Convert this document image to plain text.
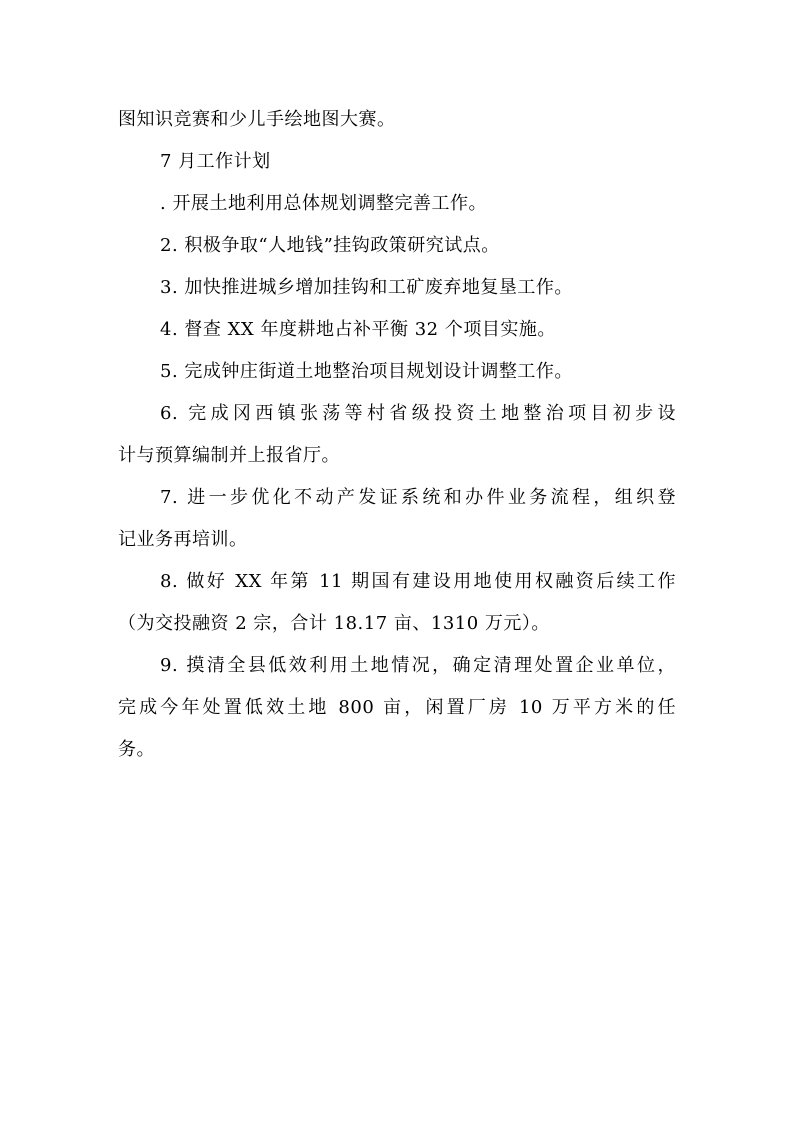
图知识竞赛和少儿手绘地图大赛。
7 月工作计划
. 开展土地利用总体规划调整完善工作。
2. 积极争取“人地钱”挂钩政策研究试点。
3. 加快推进城乡增加挂钩和工矿废弃地复垦工作。
4. 督查 XX 年度耕地占补平衡 32 个项目实施。
5. 完成钟庄街道土地整治项目规划设计调整工作。
6. 完成冈西镇张荡等村省级投资土地整治项目初步设
计与预算编制并上报省厅。
7. 进一步优化不动产发证系统和办件业务流程，组织登
记业务再培训。
8. 做好 XX 年第 11 期国有建设用地使用权融资后续工作
（为交投融资 2 宗，合计 18.17 亩、1310 万元）。
9. 摸清全县低效利用土地情况，确定清理处置企业单位，
完成今年处置低效土地 800 亩，闲置厂房 10 万平方米的任
务。
